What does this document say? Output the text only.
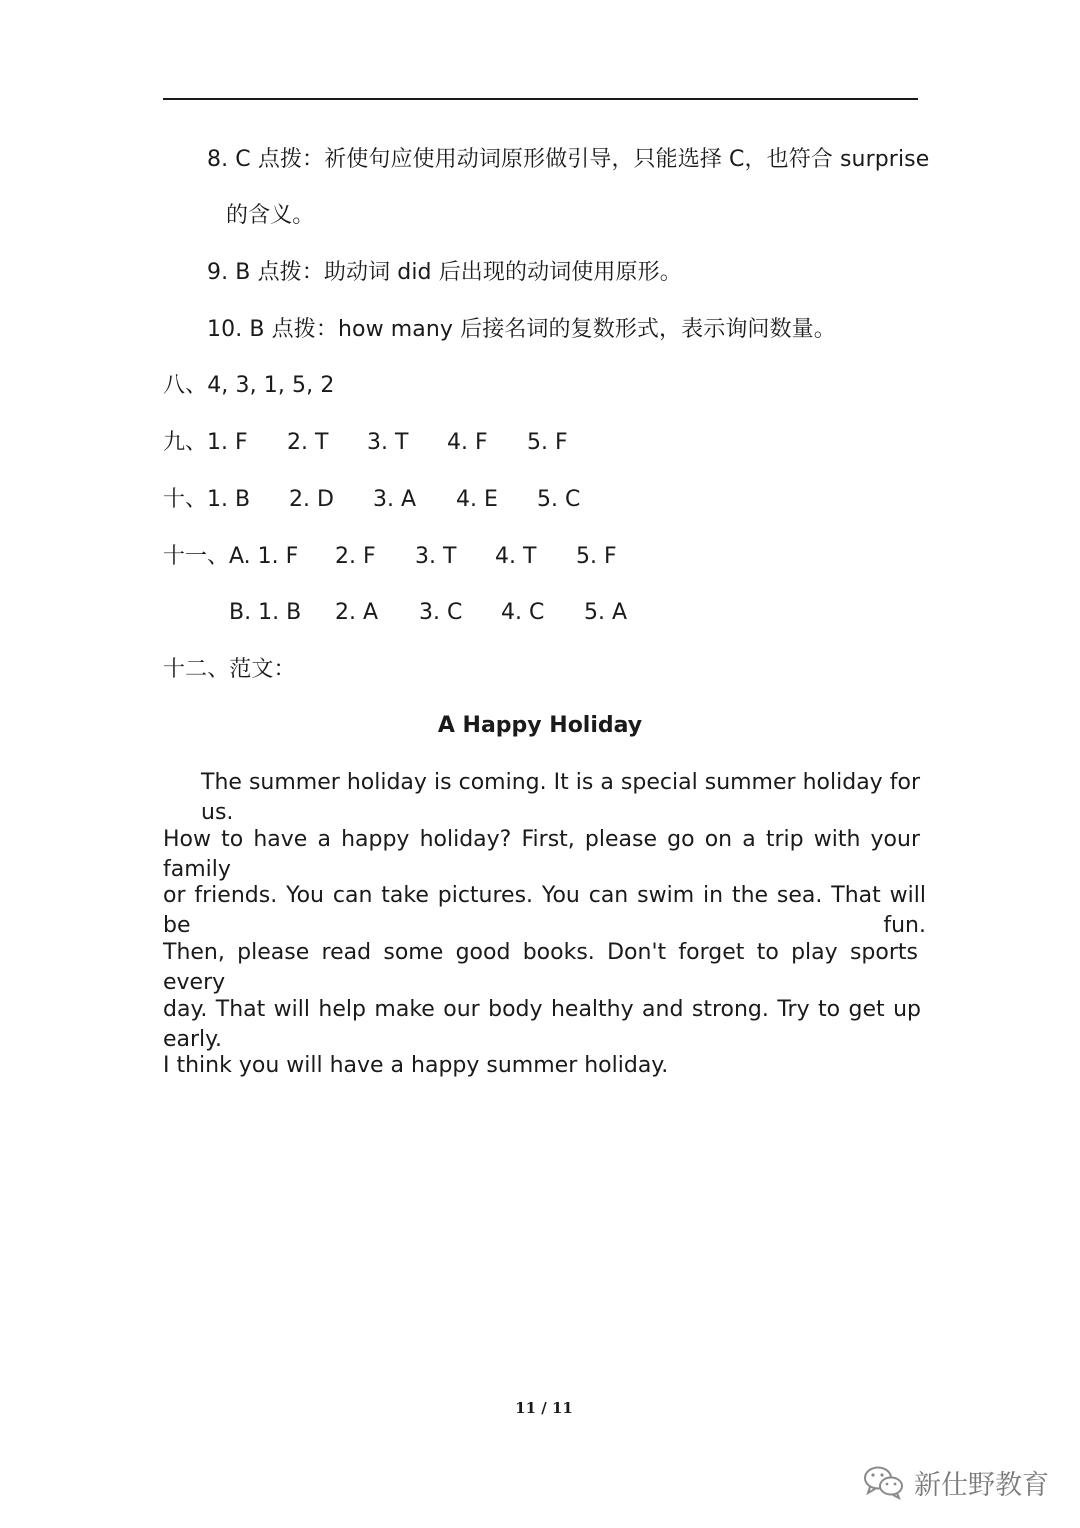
8. C 点拨：祈使句应使用动词原形做引导，只能选择 C，也符合 surprise
的含义。
9. B 点拨：助动词 did 后出现的动词使用原形。
10. B 点拨：how many 后接名词的复数形式，表示询问数量。
八、4, 3, 1, 5, 2
九、1. F 2. T 3. T 4. F 5. F
十、1. B 2. D 3. A 4. E 5. C
十一、A. 1. F 2. F 3. T 4. T 5. F
B. 1. B 2. A 3. C 4. C 5. A
十二、范文：
A Happy Holiday
The summer holiday is coming. It is a special summer holiday for us.
How to have a happy holiday? First, please go on a trip with your family
or friends. You can take pictures. You can swim in the sea. That will be fun.
Then, please read some good books. Don't forget to play sports every
day. That will help make our body healthy and strong. Try to get up early.
I think you will have a happy summer holiday.
11 / 11
新仕野教育
